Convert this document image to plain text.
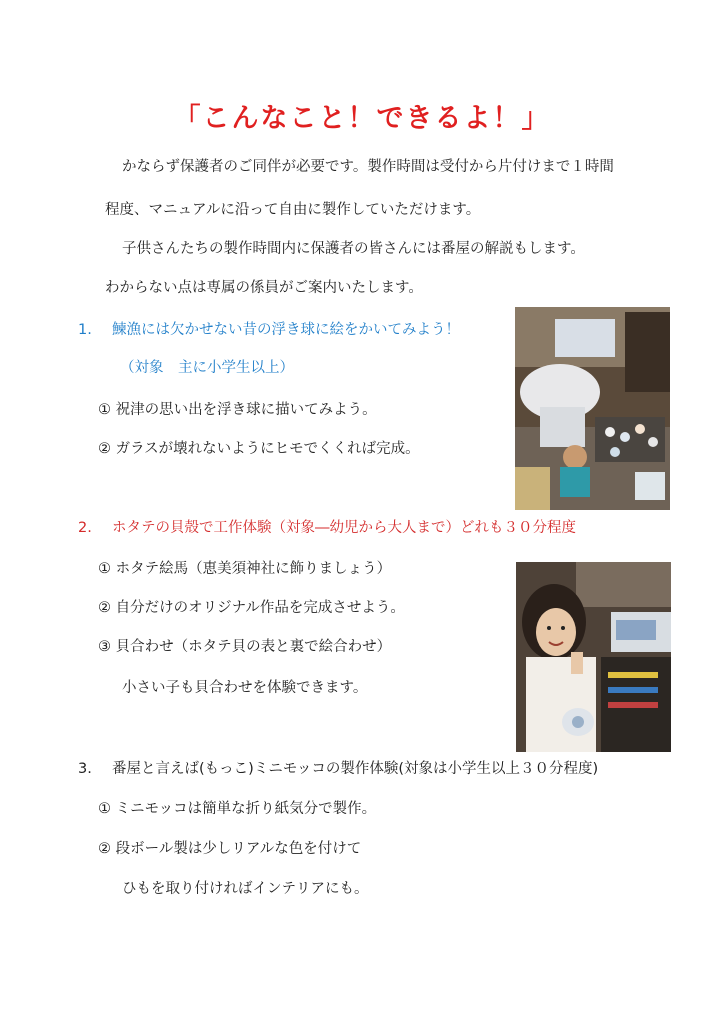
「こんなこと！できるよ！」
かならず保護者のご同伴が必要です。製作時間は受付から片付けまで１時間
程度、マニュアルに沿って自由に製作していただけます。
子供さんたちの製作時間内に保護者の皆さんには番屋の解説もします。
わからない点は専属の係員がご案内いたします。
1. 鰊漁には欠かせない昔の浮き球に絵をかいてみよう！
（対象　主に小学生以上）
① 祝津の思い出を浮き球に描いてみよう。
② ガラスが壊れないようにヒモでくくれば完成。
2. ホタテの貝殻で工作体験（対象―幼児から大人まで）どれも３０分程度
① ホタテ絵馬（恵美須神社に飾りましょう）
② 自分だけのオリジナル作品を完成させよう。
③ 貝合わせ（ホタテ貝の表と裏で絵合わせ）
小さい子も貝合わせを体験できます。
3. 番屋と言えば(もっこ)ミニモッコの製作体験(対象は小学生以上３０分程度)
① ミニモッコは簡単な折り紙気分で製作。
② 段ボール製は少しリアルな色を付けて
ひもを取り付ければインテリアにも。
